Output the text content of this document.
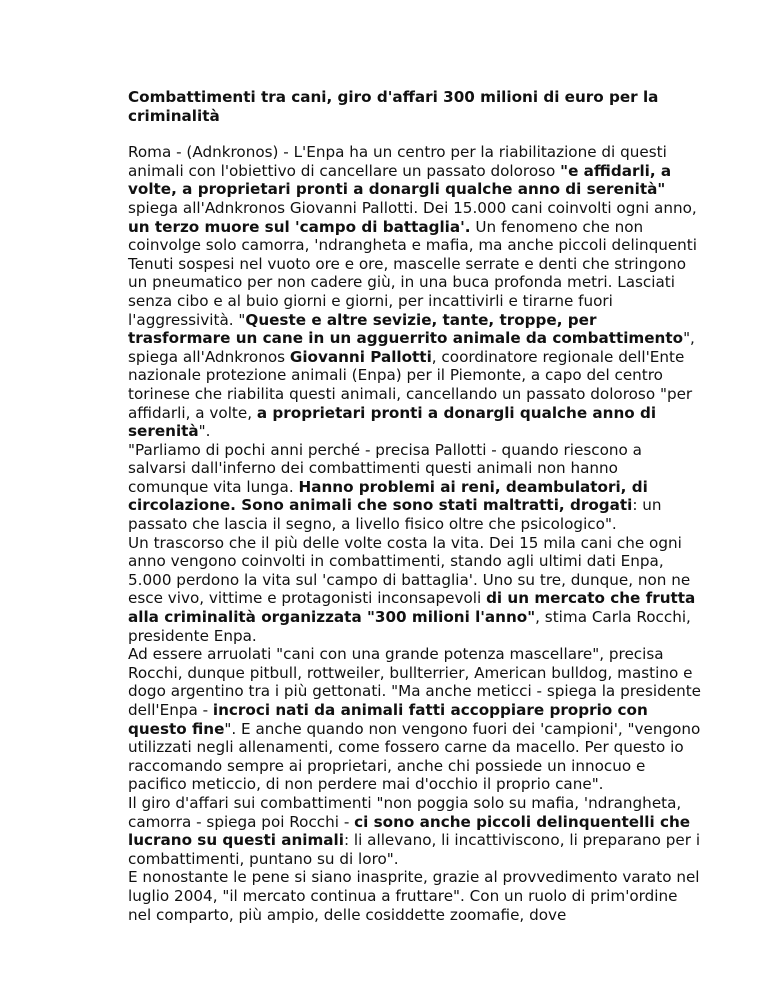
Combattimenti tra cani, giro d'affari 300 milioni di euro per la criminalità
Roma - (Adnkronos) - L'Enpa ha un centro per la riabilitazione di questi animali con l'obiettivo di cancellare un passato doloroso "e affidarli, a volte, a proprietari pronti a donargli qualche anno di serenità" spiega all'Adnkronos Giovanni Pallotti. Dei 15.000 cani coinvolti ogni anno, un terzo muore sul 'campo di battaglia'. Un fenomeno che non coinvolge solo camorra, 'ndrangheta e mafia, ma anche piccoli delinquenti
Tenuti sospesi nel vuoto ore e ore, mascelle serrate e denti che stringono un pneumatico per non cadere giù, in una buca profonda metri. Lasciati senza cibo e al buio giorni e giorni, per incattivirli e tirarne fuori l'aggressività. "Queste e altre sevizie, tante, troppe, per trasformare un cane in un agguerrito animale da combattimento", spiega all'Adnkronos Giovanni Pallotti, coordinatore regionale dell'Ente nazionale protezione animali (Enpa) per il Piemonte, a capo del centro torinese che riabilita questi animali, cancellando un passato doloroso "per affidarli, a volte, a proprietari pronti a donargli qualche anno di serenità".
"Parliamo di pochi anni perché - precisa Pallotti - quando riescono a salvarsi dall'inferno dei combattimenti questi animali non hanno comunque vita lunga. Hanno problemi ai reni, deambulatori, di circolazione. Sono animali che sono stati maltratti, drogati: un passato che lascia il segno, a livello fisico oltre che psicologico".
Un trascorso che il più delle volte costa la vita. Dei 15 mila cani che ogni anno vengono coinvolti in combattimenti, stando agli ultimi dati Enpa, 5.000 perdono la vita sul 'campo di battaglia'. Uno su tre, dunque, non ne esce vivo, vittime e protagonisti inconsapevoli di un mercato che frutta alla criminalità organizzata "300 milioni l'anno", stima Carla Rocchi, presidente Enpa.
Ad essere arruolati "cani con una grande potenza mascellare", precisa Rocchi, dunque pitbull, rottweiler, bullterrier, American bulldog, mastino e dogo argentino tra i più gettonati. "Ma anche meticci - spiega la presidente dell'Enpa - incroci nati da animali fatti accoppiare proprio con questo fine". E anche quando non vengono fuori dei 'campioni', "vengono utilizzati negli allenamenti, come fossero carne da macello. Per questo io raccomando sempre ai proprietari, anche chi possiede un innocuo e pacifico meticcio, di non perdere mai d'occhio il proprio cane".
Il giro d'affari sui combattimenti "non poggia solo su mafia, 'ndrangheta, camorra - spiega poi Rocchi - ci sono anche piccoli delinquentelli che lucrano su questi animali: li allevano, li incattiviscono, li preparano per i combattimenti, puntano su di loro".
E nonostante le pene si siano inasprite, grazie al provvedimento varato nel luglio 2004, "il mercato continua a fruttare". Con un ruolo di prim'ordine nel comparto, più ampio, delle cosiddette zoomafie, dove
